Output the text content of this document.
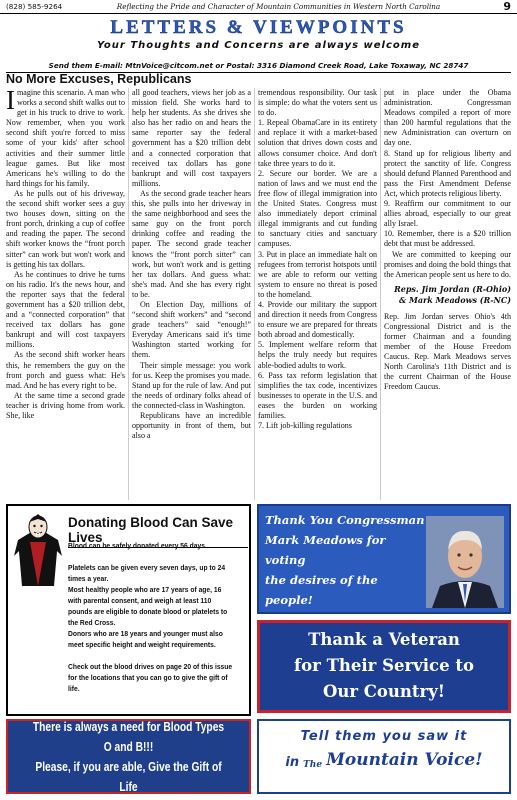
(828) 585-9264	Reflecting the Pride and Character of Mountain Communities in Western North Carolina	9
LETTERS & VIEWPOINTS
Your Thoughts and Concerns are always welcome
Send them E-mail: MtnVoice@citcom.net or Postal: 3316 Diamond Creek Road, Lake Toxaway, NC 28747
No More Excuses, Republicans

Imagine this scenario. A man who works a second shift walks out to get in his truck to drive to work. Now remember, when you work second shift you're forced to miss some of your kids' after school activities and their summer little league games. But like most Americans he's willing to do the hard things for his family.

As he pulls out of his driveway, the second shift worker sees a guy two houses down, sitting on the front porch, drinking a cup of coffee and reading the paper. The second shift worker knows the “front porch sitter” can work but won't work and is getting his tax dollars.

As he continues to drive he turns on his radio. It's the news hour, and the reporter says that the federal government has a $20 trillion debt, and a “connected corporation” that received tax dollars has gone bankrupt and will cost taxpayers millions.

As the second shift worker hears this, he remembers the guy on the front porch and guess what: He's mad. And he has every right to be.

At the same time a second grade teacher is driving home from work. She, like

all good teachers, views her job as a mission field. She works hard to help her students. As she drives she also has her radio on and hears the same reporter say the federal government has a $20 trillion debt and a connected corporation that received tax dollars has gone bankrupt and will cost taxpayers millions.

As the second grade teacher hears this, she pulls into her driveway in the same neighborhood and sees the same guy on the front porch drinking coffee and reading the paper. The second grade teacher knows the “front porch sitter” can work, but won't work and is getting her tax dollars. And guess what: she's mad. And she has every right to be.

On Election Day, millions of “second shift workers” and “second grade teachers” said “enough!” Everyday Americans said it's time Washington started working for them.

Their simple message: you work for us. Keep the promises you made. Stand up for the rule of law. And put the needs of ordinary folks ahead of the connected-class in Washington.

Republicans have an incredible opportunity in front of them, but also a

tremendous responsibility. Our task is simple: do what the voters sent us to do.

1. Repeal ObamaCare in its entirety and replace it with a market-based solution that drives down costs and allows consumer choice. And don't take three years to do it.

2. Secure our border. We are a nation of laws and we must end the free flow of illegal immigration into the United States. Congress must also immediately deport criminal illegal immigrants and cut funding to sanctuary cities and sanctuary campuses.

3. Put in place an immediate halt on refugees from terrorist hotspots until we are able to reform our vetting system to ensure no threat is posed to the homeland.

4. Provide our military the support and direction it needs from Congress to ensure we are prepared for threats both abroad and domestically.

5. Implement welfare reform that helps the truly needy but requires able-bodied adults to work.

6. Pass tax reform legislation that simplifies the tax code, incentivizes businesses to operate in the U.S. and eases the burden on working families.

7. Lift job-killing regulations

put in place under the Obama administration. Congressman Meadows compiled a report of more than 200 harmful regulations that the new Administration can overturn on day one.

8. Stand up for religious liberty and protect the sanctity of life. Congress should defund Planned Parenthood and pass the First Amendment Defense Act, which protects religious liberty.

9. Reaffirm our commitment to our allies abroad, especially to our great ally Israel.

10. Remember, there is a $20 trillion debt that must be addressed.

We are committed to keeping our promises and doing the bold things that the American people sent us here to do.

Reps. Jim Jordan (R-Ohio)
& Mark Meadows (R-NC)

Rep. Jim Jordan serves Ohio's 4th Congressional District and is the former Chairman and a founding member of the House Freedom Caucus. Rep. Mark Meadows serves North Carolina's 11th District and is the current Chairman of the House Freedom Caucus.

Donating Blood Can Save Lives
Blood can be safely donated every 56 days.
Platelets can be given every seven days, up to 24 times a year.
Most healthy people who are 17 years of age, 16 with parental consent, and weigh at least 110 pounds are eligible to donate blood or platelets to the Red Cross.
Donors who are 18 years and younger must also meet specific height and weight requirements.
Check out the blood drives on page 20 of this issue for the locations that you can go to give the gift of life.
There is always a need for Blood Types O and B!!!
Please, if you are able, Give the Gift of Life
Thank You Congressman
Mark Meadows for voting
the desires of the people!
Thank a Veteran
for Their Service to
Our Country!
Tell them you saw it
in The Mountain Voice!
